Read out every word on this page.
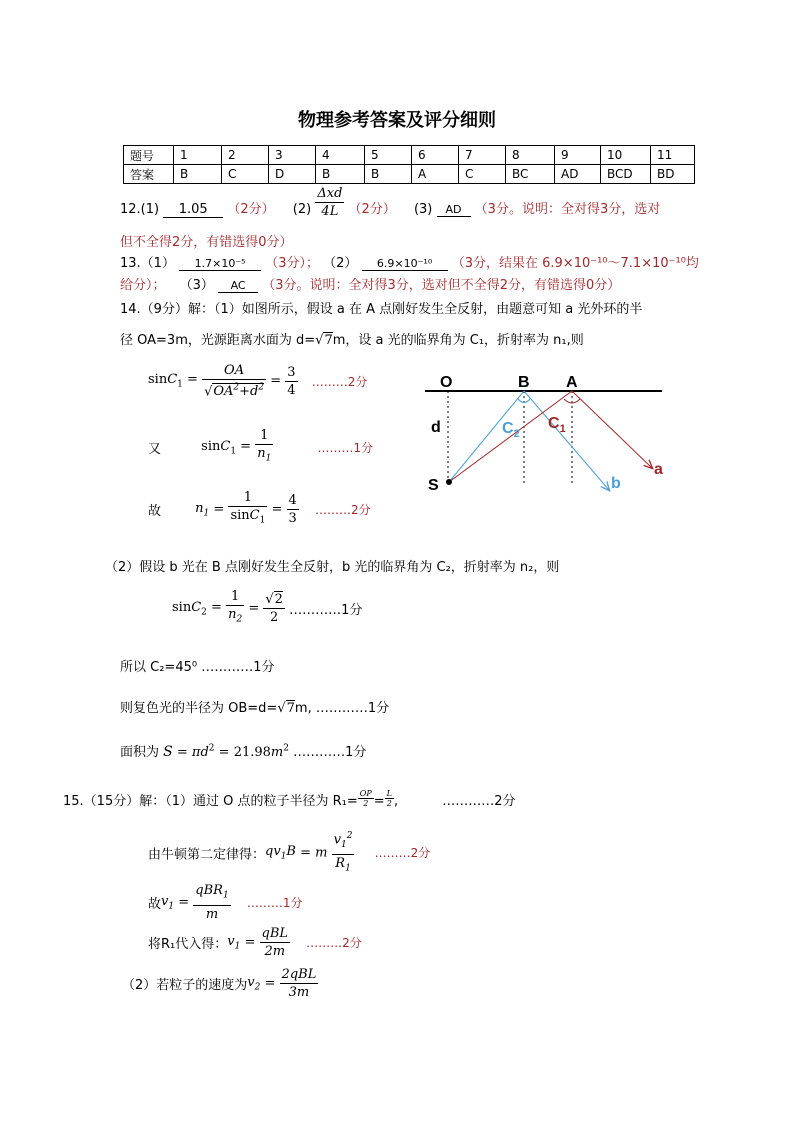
物理参考答案及评分细则
题号	1	2	3	4	5	6	7	8	9	10	11
答案	B	C	D	B	B	A	C	BC	AD	BCD	BD
12.(1) 1.05 （2分） $(2) \frac{\text{Δxd}}{4L} (2$分） (3) AD （3分。说明：全对得3分，选对
但不全得2分，有错选得0分）
13.（1） 1.7×10⁻⁵ （3分）； （2） 6.9×10⁻¹⁰ （3分，结果在 6.9×10⁻¹⁰～7.1×10⁻¹⁰均
给分）； （3） AC （3分。说明：全对得3分，选对但不全得2分，有错选得0分）
14.（9分）解：（1）如图所示，假设 a 在 A 点刚好发生全反射，由题意可知 a 光外环的半
径 OA=3m，光源距离水面为 d=√7m，设 a 光的临界角为 C₁，折射率为 n₁,则
$\sin C_1 = \frac{OA}{√OA^2+d^2} = \frac{3}{4}$ ………2分
又	$\sin C_1 = \frac{1}{n_1}$	………1分
故	$n_1 = \frac{1}{\sin C_1} = \frac{4}{3}$ ………2分
O	B A
d
S
$C_2$
$C_1$
a
b
（2）假设 b 光在 B 点刚好发生全反射，b 光的临界角为 C₂，折射率为 n₂，则
$\sin C_2 = \frac{1}{n_2} = \frac{√2}{2}$ …………1分
所以 C₂=45⁰ …………1分
则复色光的半径为 OB=d=√7m, …………1分
面积为 $S = \pi d^2 = 21.98m^2$ …………1分
15.（15分）解：（1）通过 O 点的粒子半径为 $R_1= \frac{OP}{2} = \frac{L}{2}$ ,	…………2分
由牛顿第二定律得：$qv_1B = m \frac{v_1^2}{R_1}$ ………2分
故$v_1 = \frac{qBR_1}{m}$ ………1分
将R₁代入得：$v_1 = \frac{\text{qBL}}{2m}$ ………2分
（2）若粒子的速度为$v_2 = \frac{\text{2qBL}}{3m}$
